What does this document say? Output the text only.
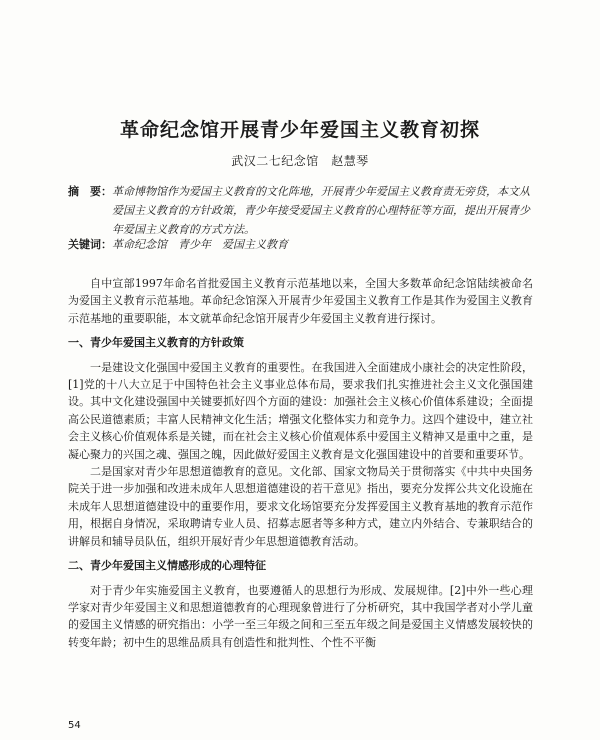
革命纪念馆开展青少年爱国主义教育初探
武汉二七纪念馆　赵慧琴
摘　要： 革命博物馆作为爱国主义教育的文化阵地，开展青少年爱国主义教育责无旁贷，本文从爱国主义教育的方针政策，青少年接受爱国主义教育的心理特征等方面，提出开展青少年爱国主义教育的方式方法。
关键词：革命纪念馆　青少年　爱国主义教育

自中宣部1997年命名首批爱国主义教育示范基地以来，全国大多数革命纪念馆陆续被命名为爱国主义教育示范基地。革命纪念馆深入开展青少年爱国主义教育工作是其作为爱国主义教育示范基地的重要职能，本文就革命纪念馆开展青少年爱国主义教育进行探讨。

一、青少年爱国主义教育的方针政策

一是建设文化强国中爱国主义教育的重要性。在我国进入全面建成小康社会的决定性阶段，[1]党的十八大立足于中国特色社会主义事业总体布局，要求我们扎实推进社会主义文化强国建设。其中文化建设强国中关键要抓好四个方面的建设：加强社会主义核心价值体系建设；全面提高公民道德素质；丰富人民精神文化生活；增强文化整体实力和竞争力。这四个建设中，建立社会主义核心价值观体系是关键，而在社会主义核心价值观体系中爱国主义精神又是重中之重，是凝心聚力的兴国之魂、强国之魄，因此做好爱国主义教育是文化强国建设中的首要和重要环节。

二是国家对青少年思想道德教育的意见。文化部、国家文物局关于贯彻落实《中共中央国务院关于进一步加强和改进未成年人思想道德建设的若干意见》指出，要充分发挥公共文化设施在未成年人思想道德建设中的重要作用，要求文化场馆要充分发挥爱国主义教育基地的教育示范作用，根据自身情况，采取聘请专业人员、招募志愿者等多种方式，建立内外结合、专兼职结合的讲解员和辅导员队伍，组织开展好青少年思想道德教育活动。

二、青少年爱国主义情感形成的心理特征

对于青少年实施爱国主义教育，也要遵循人的思想行为形成、发展规律。[2]中外一些心理学家对青少年爱国主义和思想道德教育的心理现象曾进行了分析研究，其中我国学者对小学儿童的爱国主义情感的研究指出：小学一至三年级之间和三至五年级之间是爱国主义情感发展较快的转变年龄；初中生的思维品质具有创造性和批判性、个性不平衡

54
